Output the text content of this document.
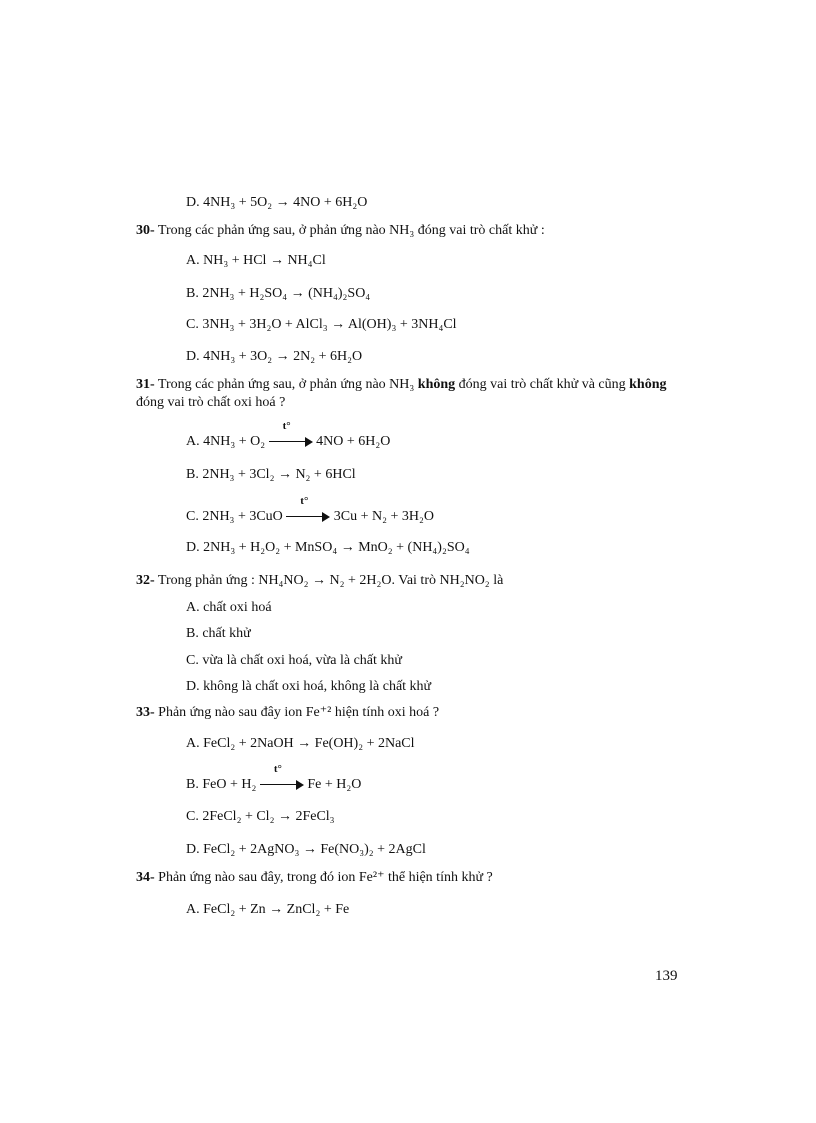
D. 4NH₃ + 5O₂ → 4NO + 6H₂O
30- Trong các phản ứng sau, ở phản ứng nào NH₃ đóng vai trò chất khử :
A. NH₃ + HCl → NH₄Cl
B. 2NH₃ + H₂SO₄ → (NH₄)₂SO₄
C. 3NH₃ + 3H₂O + AlCl₃ → Al(OH)₃ + 3NH₄Cl
D. 4NH₃ + 3O₂ → 2N₂ + 6H₂O
31- Trong các phản ứng sau, ở phản ứng nào NH₃ không đóng vai trò chất khử và cũng không đóng vai trò chất oxi hoá ?
A. 4NH₃ + O₂
t°
4NO + 6H₂O
B. 2NH₃ + 3Cl₂ → N₂ + 6HCl
C. 2NH₃ + 3CuO
t°
3Cu + N₂ + 3H₂O
D. 2NH₃ + H₂O₂ + MnSO₄ → MnO₂ + (NH₄)₂SO₄
32- Trong phản ứng : NH₄NO₂ → N₂ + 2H₂O. Vai trò NH₂NO₂ là
A. chất oxi hoá
B. chất khử
C. vừa là chất oxi hoá, vừa là chất khử
D. không là chất oxi hoá, không là chất khử
33- Phản ứng nào sau đây ion Fe⁺² hiện tính oxi hoá ?
A. FeCl₂ + 2NaOH → Fe(OH)₂ + 2NaCl
B. FeO + H₂
t°
Fe + H₂O
C. 2FeCl₂ + Cl₂ → 2FeCl₃
D. FeCl₂ + 2AgNO₃ → Fe(NO₃)₂ + 2AgCl
34- Phản ứng nào sau đây, trong đó ion Fe²⁺ thể hiện tính khử ?
A. FeCl₂ + Zn → ZnCl₂ + Fe
139
